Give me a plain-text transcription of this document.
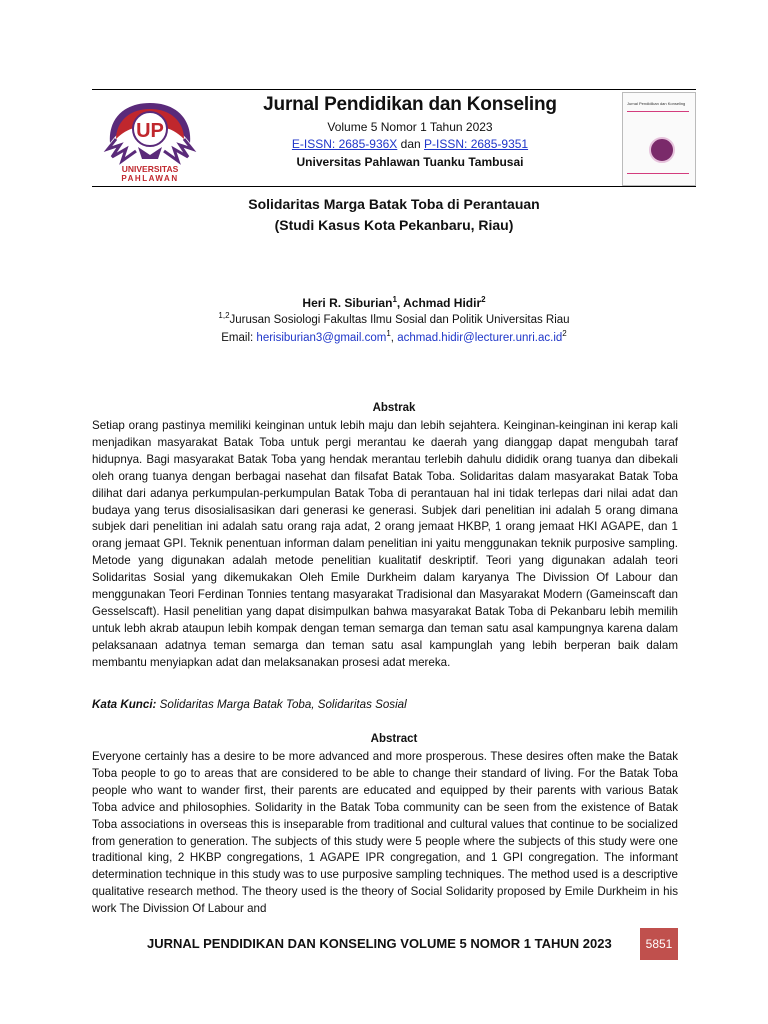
UP
UNIVERSITAS
PAHLAWAN
Jurnal Pendidikan dan Konseling
Volume 5 Nomor 1 Tahun 2023
E-ISSN: 2685-936X dan P-ISSN: 2685-9351
Universitas Pahlawan Tuanku Tambusai
Jurnal Pendidikan dan Konseling
Solidaritas Marga Batak Toba di Perantauan
(Studi Kasus Kota Pekanbaru, Riau)
Heri R. Siburian$^1$, Achmad Hidir$^2$
$^{1,2}$Jurusan Sosiologi Fakultas Ilmu Sosial dan Politik Universitas Riau
Email: herisiburian3@gmail.com$^1$, $achmad.hidir@lecturer.unri.ac.id^2$
Abstrak

Setiap orang pastinya memiliki keinginan untuk lebih maju dan lebih sejahtera. Keinginan-keinginan ini kerap kali menjadikan masyarakat Batak Toba untuk pergi merantau ke daerah yang dianggap dapat mengubah taraf hidupnya. Bagi masyarakat Batak Toba yang hendak merantau terlebih dahulu dididik orang tuanya dan dibekali oleh orang tuanya dengan berbagai nasehat dan filsafat Batak Toba. Solidaritas dalam masyarakat Batak Toba dilihat dari adanya perkumpulan-perkumpulan Batak Toba di perantauan hal ini tidak terlepas dari nilai adat dan budaya yang terus disosialisasikan dari generasi ke generasi. Subjek dari penelitian ini adalah 5 orang dimana subjek dari penelitian ini adalah satu orang raja adat, 2 orang jemaat HKBP, 1 orang jemaat HKI AGAPE, dan 1 orang jemaat GPI. Teknik penentuan informan dalam penelitian ini yaitu menggunakan teknik purposive sampling. Metode yang digunakan adalah metode penelitian kualitatif deskriptif. Teori yang digunakan adalah teori Solidaritas Sosial yang dikemukakan Oleh Emile Durkheim dalam karyanya The Divission Of Labour dan menggunakan Teori Ferdinan Tonnies tentang masyarakat Tradisional dan Masyarakat Modern (Gameinscaft dan Gesselscaft). Hasil penelitian yang dapat disimpulkan bahwa masyarakat Batak Toba di Pekanbaru lebih memilih untuk lebh akrab ataupun lebih kompak dengan teman semarga dan teman satu asal kampungnya karena dalam pelaksanaan adatnya teman semarga dan teman satu asal kampunglah yang lebih berperan baik dalam membantu menyiapkan adat dan melaksanakan prosesi adat mereka.

Kata Kunci: Solidaritas Marga Batak Toba, Solidaritas Sosial
Abstract

Everyone certainly has a desire to be more advanced and more prosperous. These desires often make the Batak Toba people to go to areas that are considered to be able to change their standard of living. For the Batak Toba people who want to wander first, their parents are educated and equipped by their parents with various Batak Toba advice and philosophies. Solidarity in the Batak Toba community can be seen from the existence of Batak Toba associations in overseas this is inseparable from traditional and cultural values that continue to be socialized from generation to generation. The subjects of this study were 5 people where the subjects of this study were one traditional king, 2 HKBP congregations, 1 AGAPE IPR congregation, and 1 GPI congregation. The informant determination technique in this study was to use purposive sampling techniques. The method used is a descriptive qualitative research method. The theory used is the theory of Social Solidarity proposed by Emile Durkheim in his work The Divission Of Labour and

JURNAL PENDIDIKAN DAN KONSELING VOLUME 5 NOMOR 1 TAHUN 2023	5851
